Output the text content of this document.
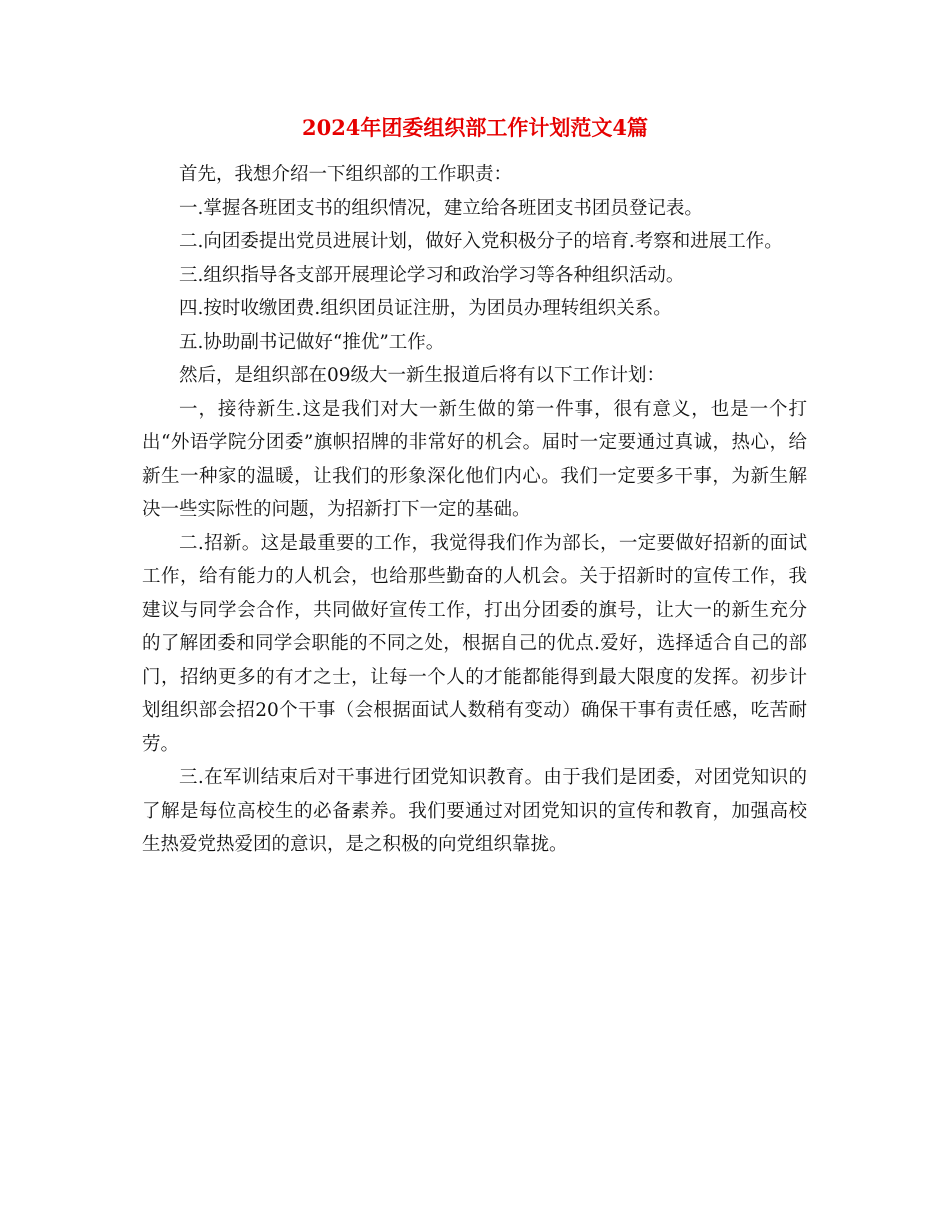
2024年团委组织部工作计划范文4篇

首先，我想介绍一下组织部的工作职责：

一.掌握各班团支书的组织情况，建立给各班团支书团员登记表。

二.向团委提出党员进展计划，做好入党积极分子的培育.考察和进展工作。

三.组织指导各支部开展理论学习和政治学习等各种组织活动。

四.按时收缴团费.组织团员证注册，为团员办理转组织关系。

五.协助副书记做好“推优”工作。

然后，是组织部在09级大一新生报道后将有以下工作计划：

一，接待新生.这是我们对大一新生做的第一件事，很有意义，也是一个打出“外语学院分团委”旗帜招牌的非常好的机会。届时一定要通过真诚，热心，给新生一种家的温暖，让我们的形象深化他们内心。我们一定要多干事，为新生解决一些实际性的问题，为招新打下一定的基础。

二.招新。这是最重要的工作，我觉得我们作为部长，一定要做好招新的面试工作，给有能力的人机会，也给那些勤奋的人机会。关于招新时的宣传工作，我建议与同学会合作，共同做好宣传工作，打出分团委的旗号，让大一的新生充分的了解团委和同学会职能的不同之处，根据自己的优点.爱好，选择适合自己的部门，招纳更多的有才之士，让每一个人的才能都能得到最大限度的发挥。初步计划组织部会招20个干事（会根据面试人数稍有变动）确保干事有责任感，吃苦耐劳。

三.在军训结束后对干事进行团党知识教育。由于我们是团委，对团党知识的了解是每位高校生的必备素养。我们要通过对团党知识的宣传和教育，加强高校生热爱党热爱团的意识，是之积极的向党组织靠拢。
